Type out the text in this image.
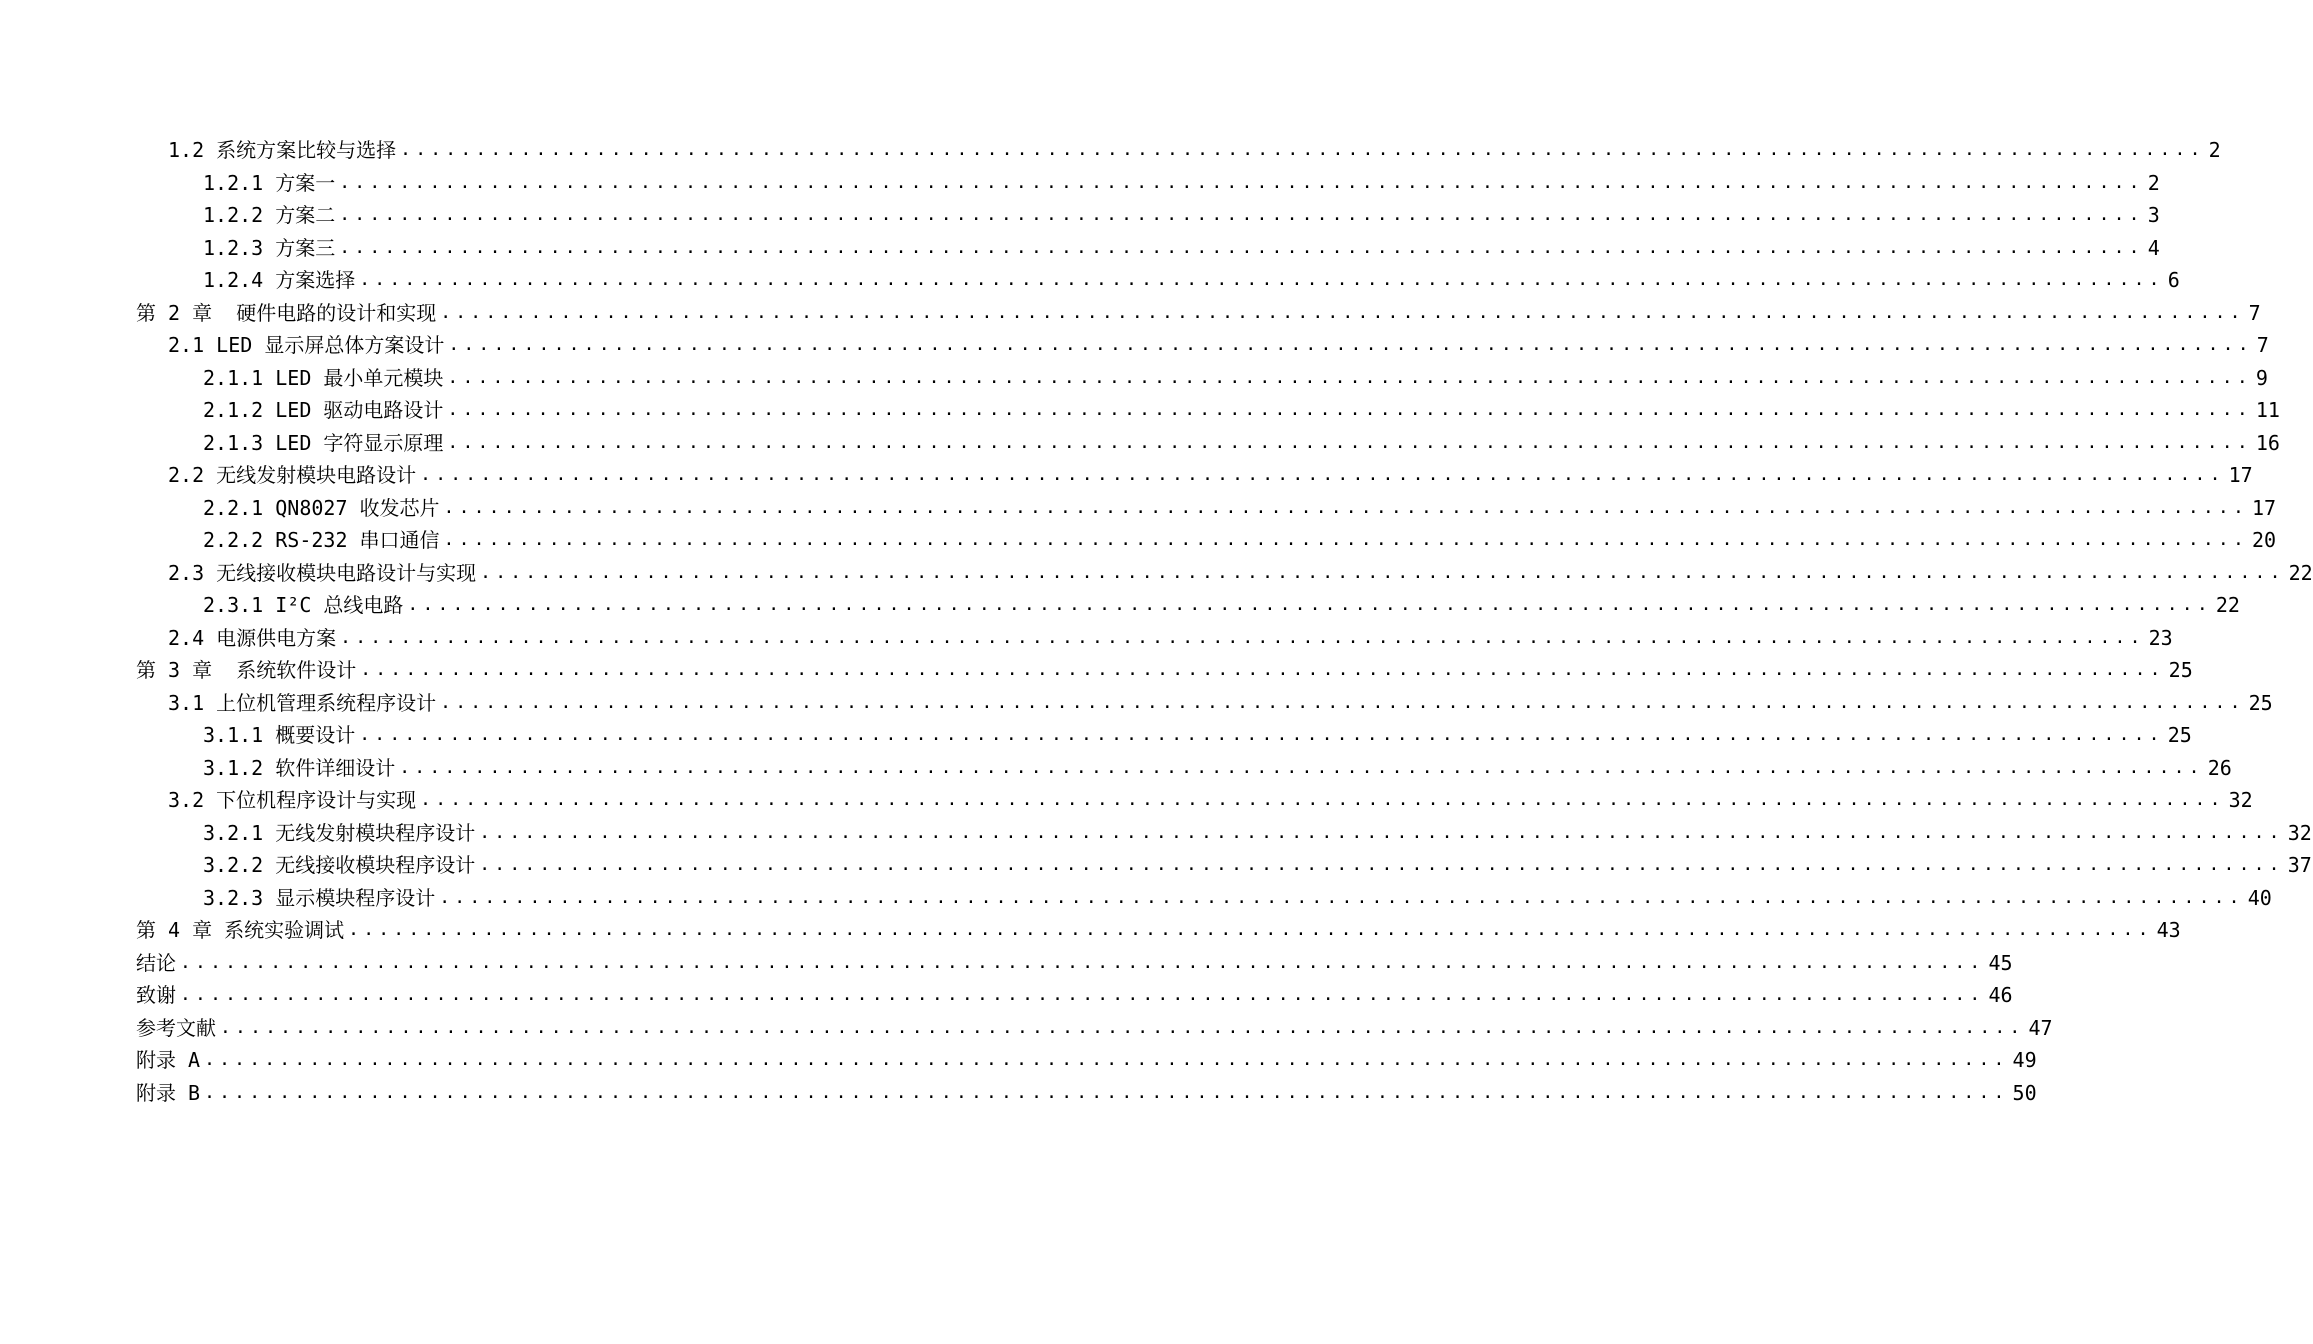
1.2 系统方案比较与选择 ........................................................................................................................ 2
1.2.1 方案一 ........................................................................................................................ 2
1.2.2 方案二 ........................................................................................................................ 3
1.2.3 方案三 ........................................................................................................................ 4
1.2.4 方案选择 ........................................................................................................................ 6
第 2 章  硬件电路的设计和实现 ........................................................................................................................ 7
2.1 LED 显示屏总体方案设计 ........................................................................................................................ 7
2.1.1 LED 最小单元模块 ........................................................................................................................ 9
2.1.2 LED 驱动电路设计 ........................................................................................................................ 11
2.1.3 LED 字符显示原理 ........................................................................................................................ 16
2.2 无线发射模块电路设计 ........................................................................................................................ 17
2.2.1 QN8027 收发芯片 ........................................................................................................................ 17
2.2.2 RS-232 串口通信 ........................................................................................................................ 20
2.3 无线接收模块电路设计与实现 ........................................................................................................................ 22
2.3.1 I²C 总线电路 ........................................................................................................................ 22
2.4 电源供电方案 ........................................................................................................................ 23
第 3 章  系统软件设计 ........................................................................................................................ 25
3.1 上位机管理系统程序设计 ........................................................................................................................ 25
3.1.1 概要设计 ........................................................................................................................ 25
3.1.2 软件详细设计 ........................................................................................................................ 26
3.2 下位机程序设计与实现 ........................................................................................................................ 32
3.2.1 无线发射模块程序设计 ........................................................................................................................ 32
3.2.2 无线接收模块程序设计 ........................................................................................................................ 37
3.2.3 显示模块程序设计 ........................................................................................................................ 40
第 4 章 系统实验调试 ........................................................................................................................ 43
结论 ........................................................................................................................ 45
致谢 ........................................................................................................................ 46
参考文献 ........................................................................................................................ 47
附录 A ........................................................................................................................ 49
附录 B ........................................................................................................................ 50
